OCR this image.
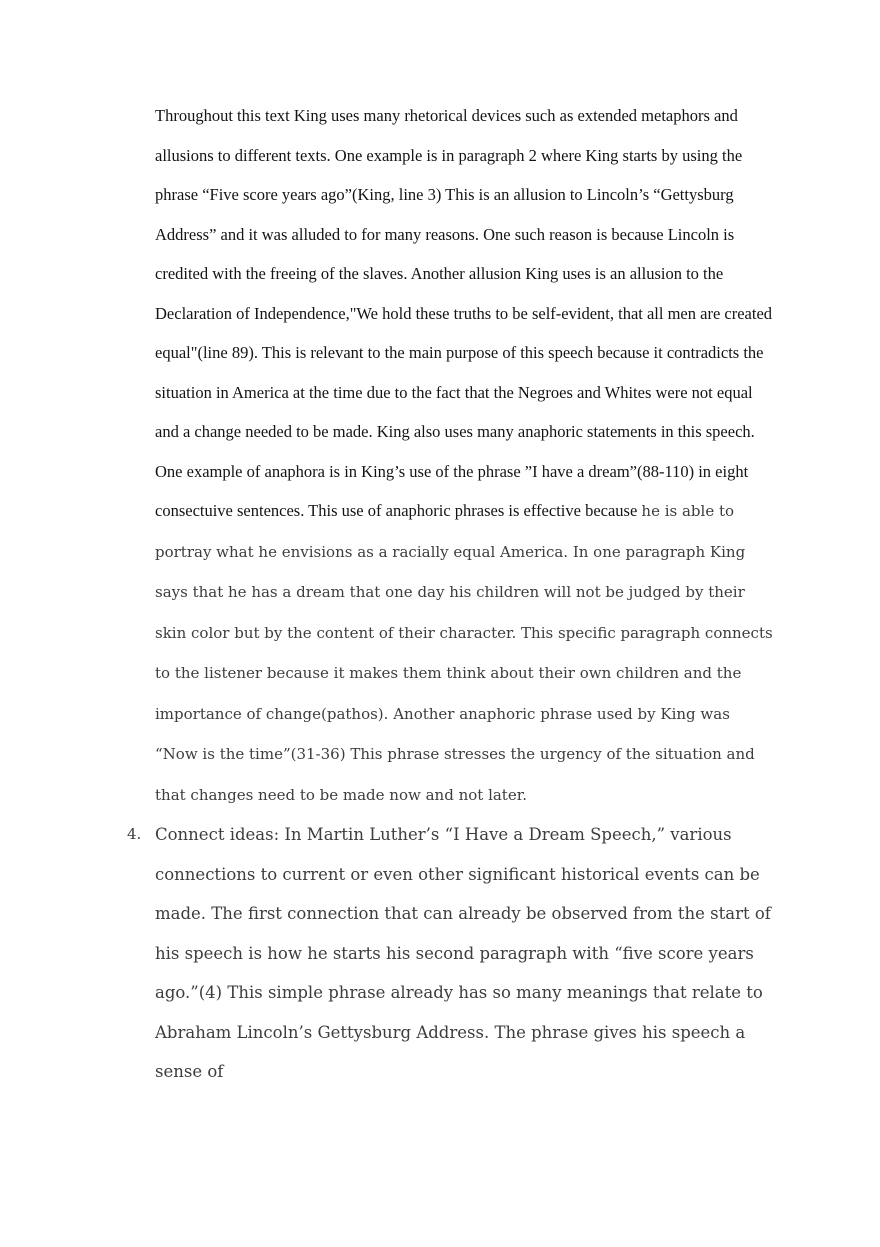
Throughout this text King uses many rhetorical devices such as extended metaphors and allusions to different texts. One example is in paragraph 2 where King starts by using the phrase “Five score years ago”(King, line 3) This is an allusion to Lincoln’s “Gettysburg Address” and it was alluded to for many reasons. One such reason is because Lincoln is credited with the freeing of the slaves. Another allusion King uses is an allusion to the Declaration of Independence,"We hold these truths to be self-evident, that all men are created equal"(line 89). This is relevant to the main purpose of this speech because it contradicts the situation in America at the time due to the fact that the Negroes and Whites were not equal and a change needed to be made. King also uses many anaphoric statements in this speech. One example of anaphora is in King’s use of the phrase ”I have a dream”(88-110) in eight consectuive sentences. This use of anaphoric phrases is effective because he is able to portray what he envisions as a racially equal America. In one paragraph King says that he has a dream that one day his children will not be judged by their skin color but by the content of their character. This specific paragraph connects to the listener because it makes them think about their own children and the importance of change(pathos). Another anaphoric phrase used by King was “Now is the time”(31-36) This phrase stresses the urgency of the situation and that changes need to be made now and not later.

4. Connect ideas: In Martin Luther’s “I Have a Dream Speech,” various connections to current or even other significant historical events can be made. The first connection that can already be observed from the start of his speech is how he starts his second paragraph with “five score years ago.”(4) This simple phrase already has so many meanings that relate to Abraham Lincoln’s Gettysburg Address. The phrase gives his speech a sense of
